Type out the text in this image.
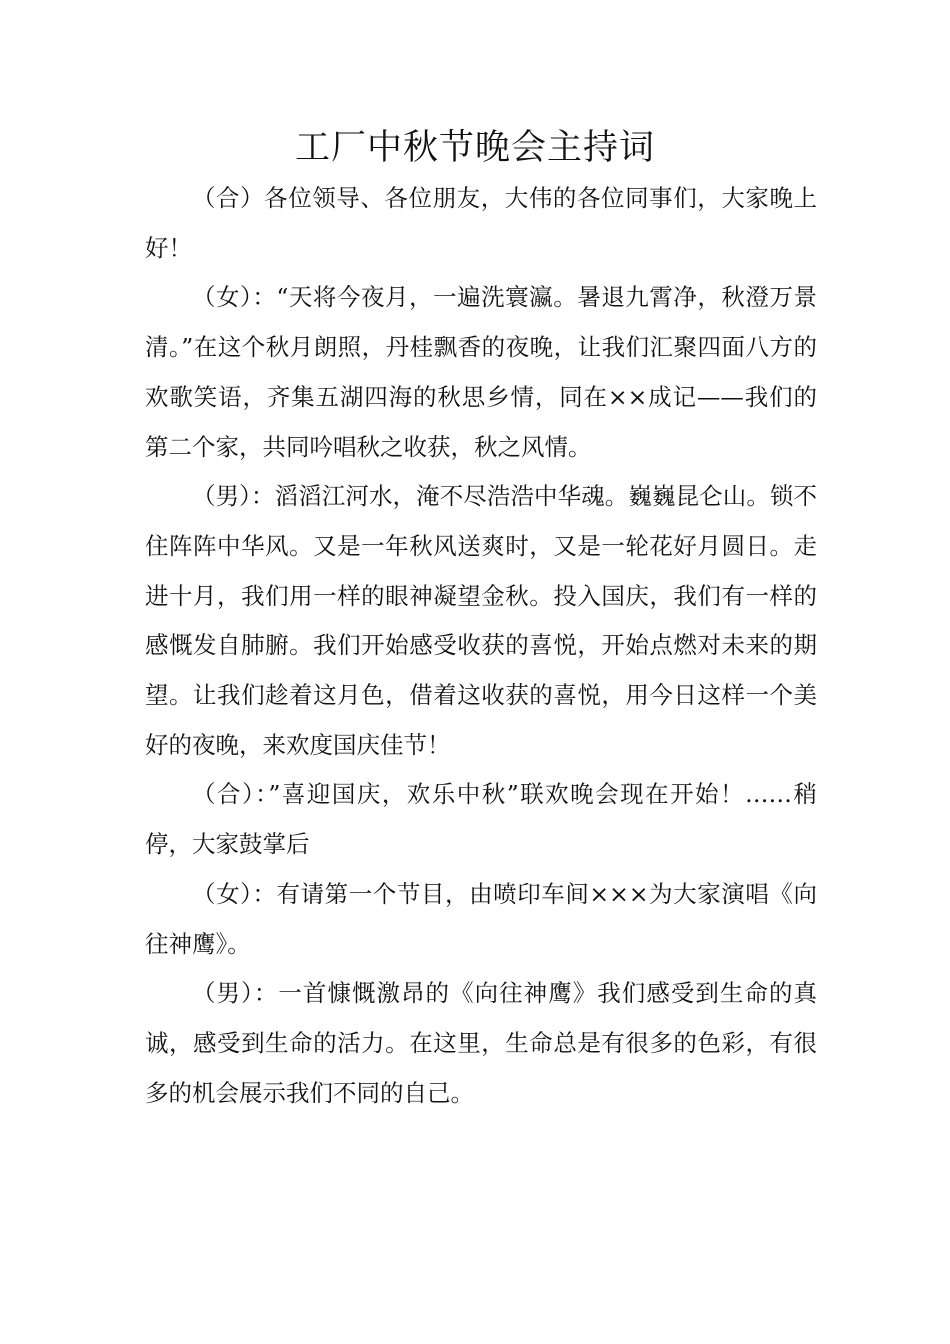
工厂中秋节晚会主持词

（合）各位领导、各位朋友，大伟的各位同事们，大家晚上好！

（女）：“天将今夜月，一遍洗寰瀛。暑退九霄净，秋澄万景清。”在这个秋月朗照，丹桂飘香的夜晚，让我们汇聚四面八方的欢歌笑语，齐集五湖四海的秋思乡情，同在××成记——我们的第二个家，共同吟唱秋之收获，秋之风情。

（男）：滔滔江河水，淹不尽浩浩中华魂。巍巍昆仑山。锁不住阵阵中华风。又是一年秋风送爽时，又是一轮花好月圆日。走进十月，我们用一样的眼神凝望金秋。投入国庆，我们有一样的感慨发自肺腑。我们开始感受收获的喜悦，开始点燃对未来的期望。让我们趁着这月色，借着这收获的喜悦，用今日这样一个美好的夜晚，来欢度国庆佳节！

（合）：”喜迎国庆，欢乐中秋”联欢晚会现在开始！……稍停，大家鼓掌后

（女）：有请第一个节目，由喷印车间×××为大家演唱《向往神鹰》。

（男）：一首慷慨激昂的《向往神鹰》我们感受到生命的真诚，感受到生命的活力。在这里，生命总是有很多的色彩，有很多的机会展示我们不同的自己。
